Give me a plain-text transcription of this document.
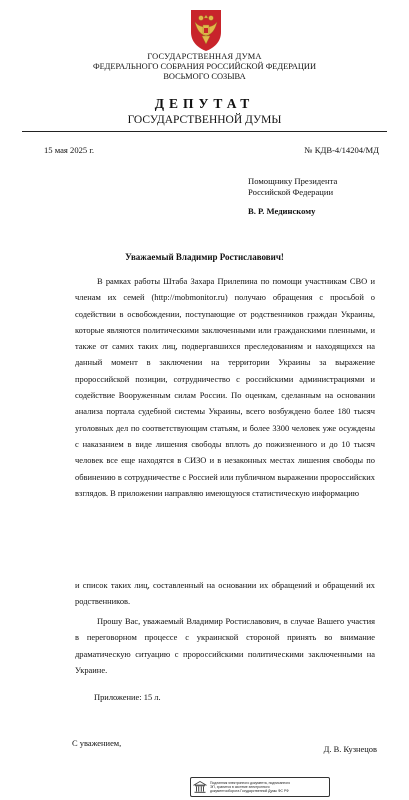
ГОСУДАРСТВЕННАЯ ДУМА
ФЕДЕРАЛЬНОГО СОБРАНИЯ РОССИЙСКОЙ ФЕДЕРАЦИИ
ВОСЬМОГО СОЗЫВА
ДЕПУТАТ
ГОСУДАРСТВЕННОЙ ДУМЫ
15 мая 2025 г.	№ КДВ-4/14204/МД
Помощнику Президента
Российской Федерации
В. Р. Мединскому
Уважаемый Владимир Ростиславович!
В рамках работы Штаба Захара Прилепина по помощи участникам СВО и членам их семей (http://mobmonitor.ru) получаю обращения с просьбой о содействии в освобождении, поступающие от родственников граждан Украины, которые являются политическими заключенными или гражданскими пленными, и также от самих таких лиц, подвергавшихся преследованиям и находящихся на данный момент в заключении на территории Украины за выражение пророссийской позиции, сотрудничество с российскими администрациями и содействие Вооруженным силам России. По оценкам, сделанным на основании анализа портала судебной системы Украины, всего возбуждено более 180 тысяч уголовных дел по соответствующим статьям, и более 3300 человек уже осуждены с наказанием в виде лишения свободы вплоть до пожизненного и до 10 тысяч человек все еще находятся в СИЗО и в незаконных местах лишения свободы по обвинению в сотрудничестве с Россией или публичном выражении пророссийских взглядов. В приложении направляю имеющуюся статистическую информацию
и список таких лиц, составленный на основании их обращений и обращений их родственников.
Прошу Вас, уважаемый Владимир Ростиславович, в случае Вашего участия в переговорном процессе с украинской стороной принять во внимание драматическую ситуацию с пророссийскими политическими заключенными на Украине.
Приложение: 15 л.
С уважением,
Д. В. Кузнецов
Подлинник электронного документа, подписанного
ЭП, хранится в системе электронного
документооборота Государственной Думы ФС РФ
